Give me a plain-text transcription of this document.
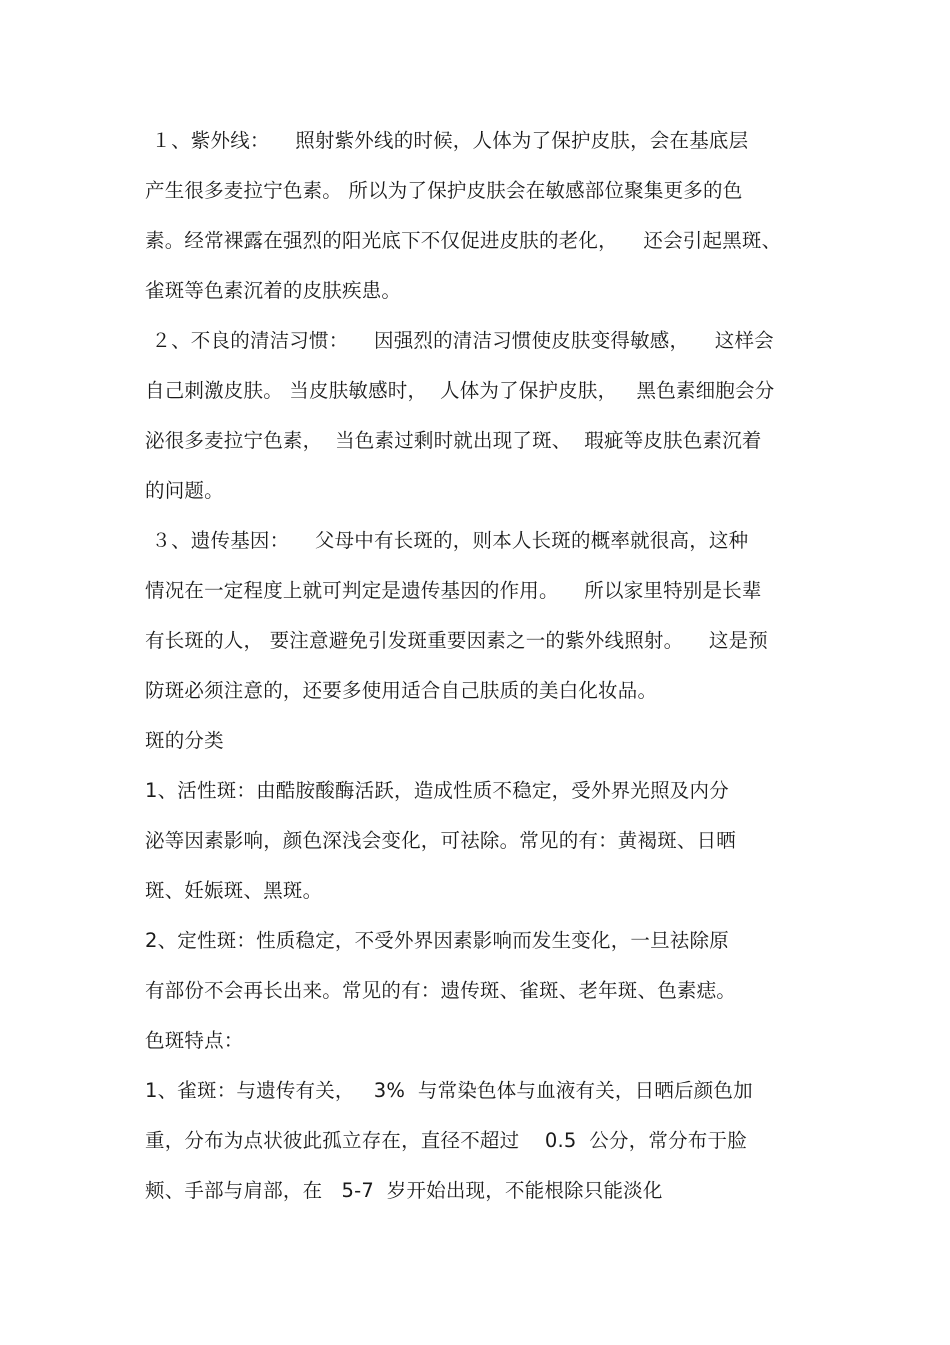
１、紫外线：    照射紫外线的时候，人体为了保护皮肤，会在基底层
产生很多麦拉宁色素。 所以为了保护皮肤会在敏感部位聚集更多的色
素。经常裸露在强烈的阳光底下不仅促进皮肤的老化，    还会引起黑斑、
雀斑等色素沉着的皮肤疾患。
２、不良的清洁习惯：    因强烈的清洁习惯使皮肤变得敏感，    这样会
自己刺激皮肤。 当皮肤敏感时，  人体为了保护皮肤，   黑色素细胞会分
泌很多麦拉宁色素，  当色素过剩时就出现了斑、  瑕疵等皮肤色素沉着
的问题。
３、遗传基因：    父母中有长斑的，则本人长斑的概率就很高，这种
情况在一定程度上就可判定是遗传基因的作用。    所以家里特别是长辈
有长斑的人， 要注意避免引发斑重要因素之一的紫外线照射。    这是预
防斑必须注意的，还要多使用适合自己肤质的美白化妆品。
斑的分类
1、活性斑：由酷胺酸酶活跃，造成性质不稳定，受外界光照及内分
泌等因素影响，颜色深浅会变化，可祛除。常见的有：黄褐斑、日晒
斑、妊娠斑、黑斑。
2、定性斑：性质稳定，不受外界因素影响而发生变化，一旦祛除原
有部份不会再长出来。常见的有：遗传斑、雀斑、老年斑、色素痣。
色斑特点：
1、雀斑：与遗传有关，   3%  与常染色体与血液有关，日晒后颜色加
重，分布为点状彼此孤立存在，直径不超过    0.5  公分，常分布于脸
颊、手部与肩部，在   5-7  岁开始出现，不能根除只能淡化
